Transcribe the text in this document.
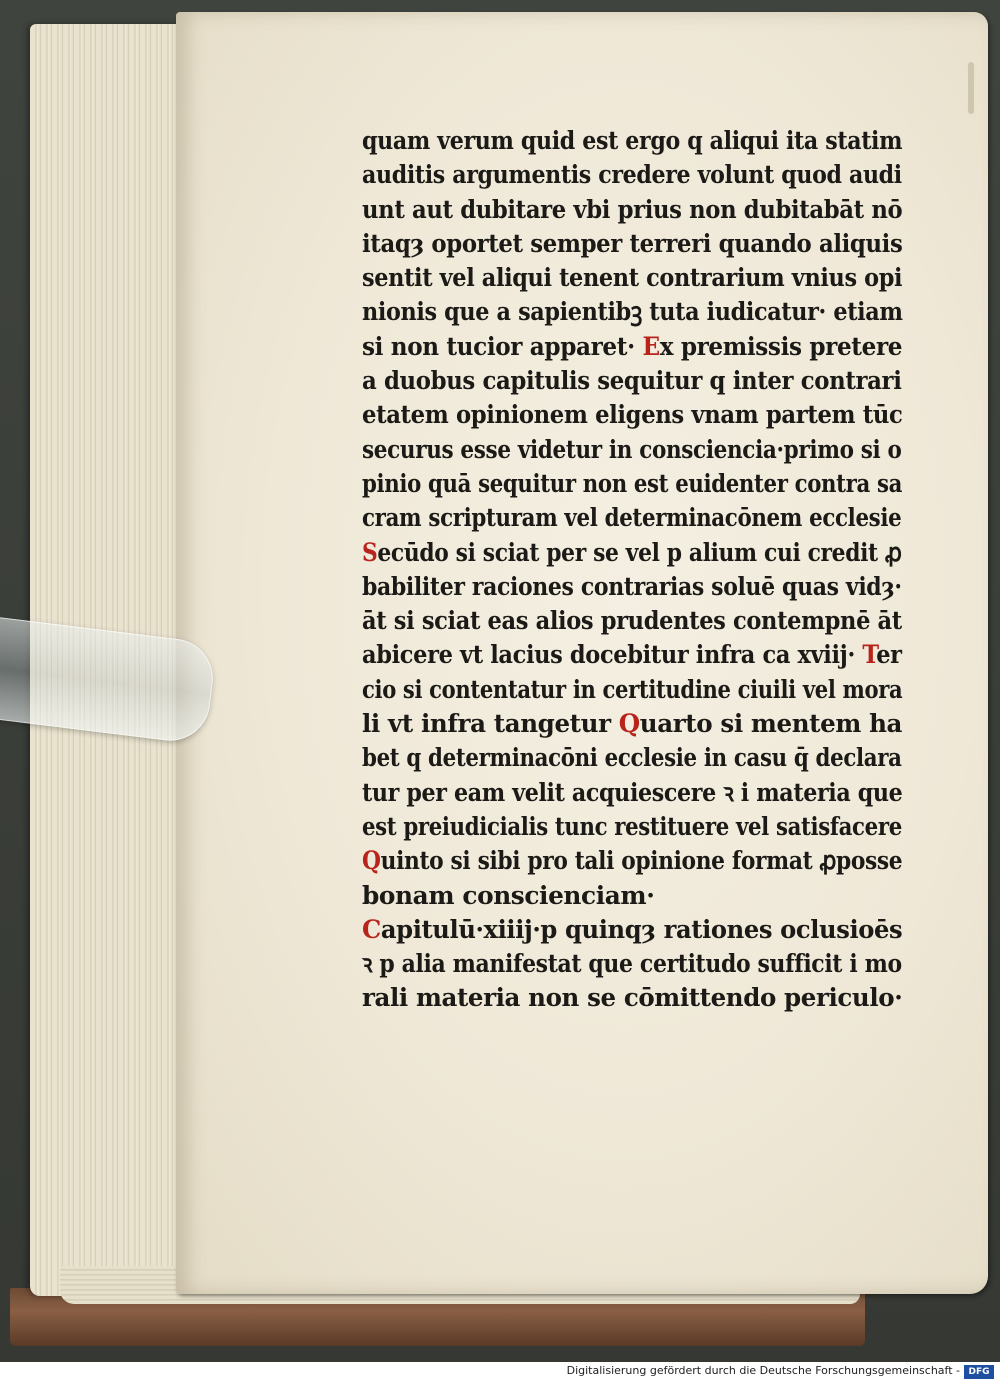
quam verum quid est ergo q aliqui ita statim
auditis argumentis credere volunt quod audi
unt aut dubitare vbi prius non dubitabāt nō
itaqȝ oportet semper terreri quando aliquis
sentit vel aliqui tenent contrarium vnius opi
nionis que a sapientibꝫ tuta iudicatur· etiam
si non tucior apparet· Ex premissis pretere
a duobus capitulis sequitur q inter contrari
etatem opinionem eligens vnam partem tūc
securus esse videtur in consciencia·primo si o
pinio quā sequitur non est euidenter contra sa
cram scripturam vel determinacōnem ecclesie
Secūdo si sciat per se vel p alium cui credit ꝓ
babiliter raciones contrarias soluē quas vidȝ·
āt si sciat eas alios prudentes contempnē āt
abicere vt lacius docebitur infra ca xviij· Ter
cio si contentatur in certitudine ciuili vel mora
li vt infra tangetur Quarto si mentem ha
bet q determinacōni ecclesie in casu q̄ declara
tur per eam velit acquiescere ꝛ i materia que
est preiudicialis tunc restituere vel satisfacere
Quinto si sibi pro tali opinione format ꝓposse
bonam conscienciam·
Capitulū·xiiij·p quinqȝ rationes oclusioēs
ꝛ p alia manifestat que certitudo sufficit i mo
rali materia non se cōmittendo periculo·
Digitalisierung gefördert durch die Deutsche Forschungsgemeinschaft - DFG
